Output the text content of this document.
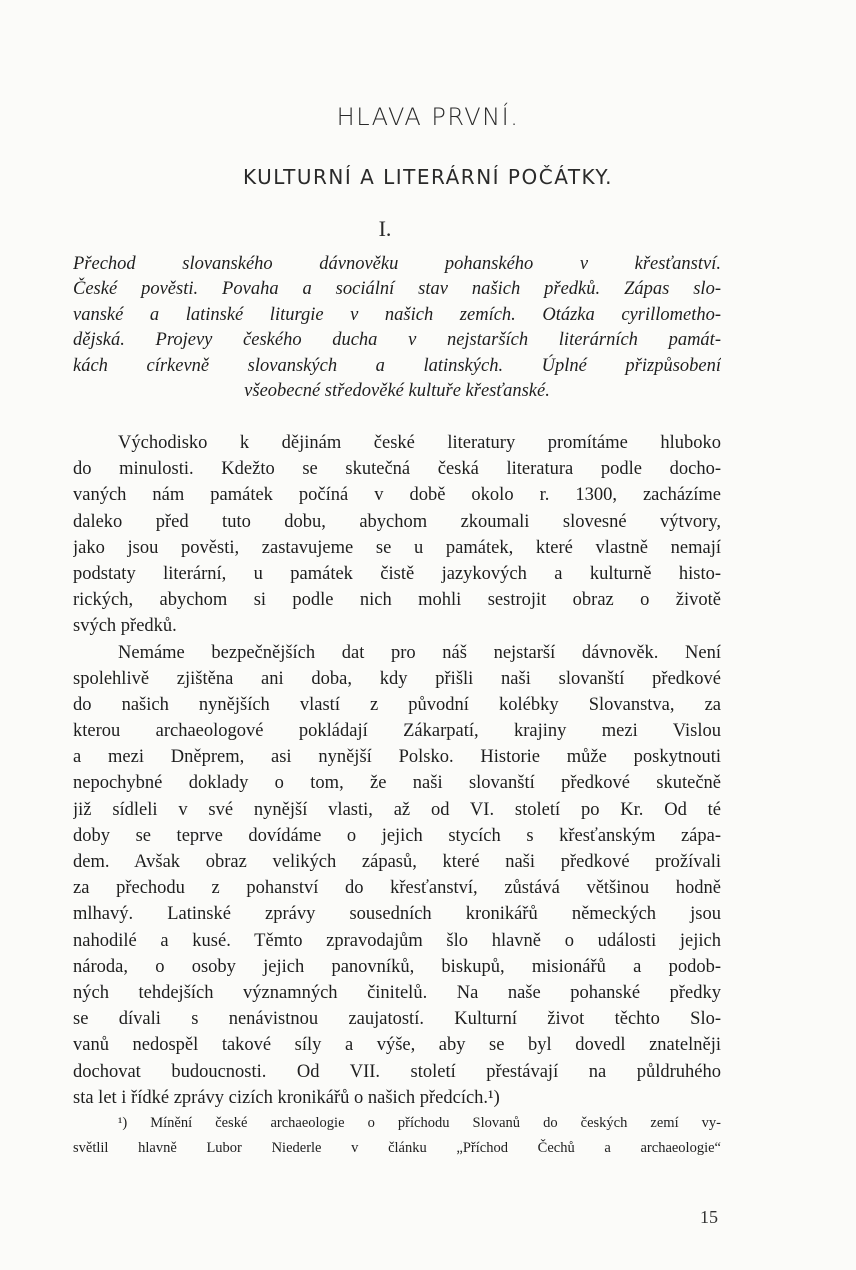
HLAVA PRVNÍ.
KULTURNÍ A LITERÁRNÍ POČÁTKY.
I.
Přechod slovanského dávnověku pohanského v křesťanství.
České pověsti. Povaha a sociální stav našich předků. Zápas slo-
vanské a latinské liturgie v našich zemích. Otázka cyrillometho-
dějská. Projevy českého ducha v nejstarších literárních památ-
kách církevně slovanských a latinských. Úplné přizpůsobení
všeobecné středověké kultuře křesťanské.
Východisko k dějinám české literatury promítáme hluboko
do minulosti. Kdežto se skutečná česká literatura podle docho-
vaných nám památek počíná v době okolo r. 1300, zacházíme
daleko před tuto dobu, abychom zkoumali slovesné výtvory,
jako jsou pověsti, zastavujeme se u památek, které vlastně nemají
podstaty literární, u památek čistě jazykových a kulturně histo-
rických, abychom si podle nich mohli sestrojit obraz o životě
svých předků.
Nemáme bezpečnějších dat pro náš nejstarší dávnověk. Není
spolehlivě zjištěna ani doba, kdy přišli naši slovanští předkové
do našich nynějších vlastí z původní kolébky Slovanstva, za
kterou archaeologové pokládají Zákarpatí, krajiny mezi Vislou
a mezi Dněprem, asi nynější Polsko. Historie může poskytnouti
nepochybné doklady o tom, že naši slovanští předkové skutečně
již sídleli v své nynější vlasti, až od VI. století po Kr. Od té
doby se teprve dovídáme o jejich stycích s křesťanským zápa-
dem. Avšak obraz velikých zápasů, které naši předkové prožívali
za přechodu z pohanství do křesťanství, zůstává většinou hodně
mlhavý. Latinské zprávy sousedních kronikářů německých jsou
nahodilé a kusé. Těmto zpravodajům šlo hlavně o události jejich
národa, o osoby jejich panovníků, biskupů, misionářů a podob-
ných tehdejších významných činitelů. Na naše pohanské předky
se dívali s nenávistnou zaujatostí. Kulturní život těchto Slo-
vanů nedospěl takové síly a výše, aby se byl dovedl znatelněji
dochovat budoucnosti. Od VII. století přestávají na půldruhého
sta let i řídké zprávy cizích kronikářů o našich předcích.¹)
¹) Mínění české archaeologie o příchodu Slovanů do českých zemí vy-
světlil hlavně Lubor Niederle v článku „Příchod Čechů a archaeologie“
15
